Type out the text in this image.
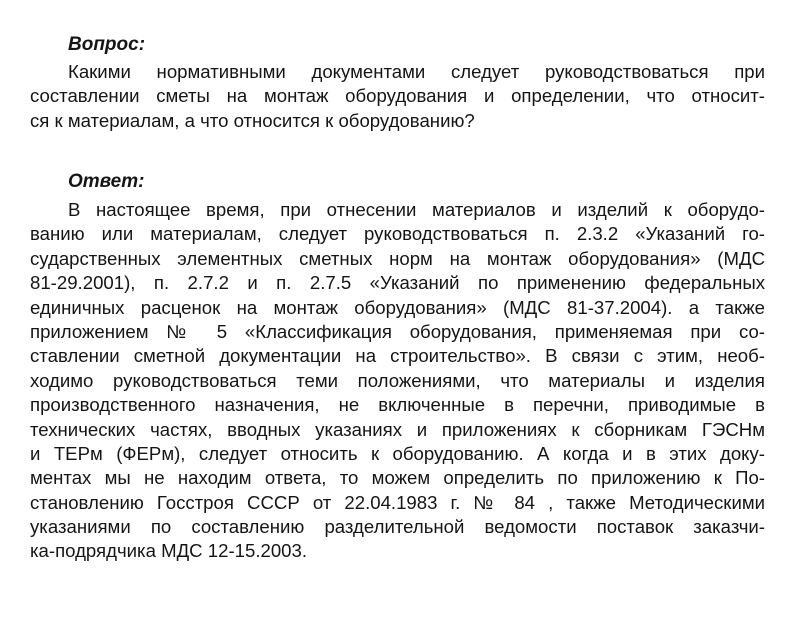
Вопрос:
Какими нормативными документами следует руководствоваться при
составлении сметы на монтаж оборудования и определении, что относит-
ся к материалам, а что относится к оборудованию?
Ответ:
В настоящее время, при отнесении материалов и изделий к оборудо-
ванию или материалам, следует руководствоваться п. 2.3.2 «Указаний го-
сударственных элементных сметных норм на монтаж оборудования» (МДС
81-29.2001), п. 2.7.2 и п. 2.7.5 «Указаний по применению федеральных
единичных расценок на монтаж оборудования» (МДС 81-37.2004). а также
приложением № 5 «Классификация оборудования, применяемая при со-
ставлении сметной документации на строительство». В связи с этим, необ-
ходимо руководствоваться теми положениями, что материалы и изделия
производственного назначения, не включенные в перечни, приводимые в
технических частях, вводных указаниях и приложениях к сборникам ГЭСНм
и ТЕРм (ФЕРм), следует относить к оборудованию. А когда и в этих доку-
ментах мы не находим ответа, то можем определить по приложению к По-
становлению Госстроя СССР от 22.04.1983 г. № 84 , также Методическими
указаниями по составлению разделительной ведомости поставок заказчи-
ка-подрядчика МДС 12-15.2003.
